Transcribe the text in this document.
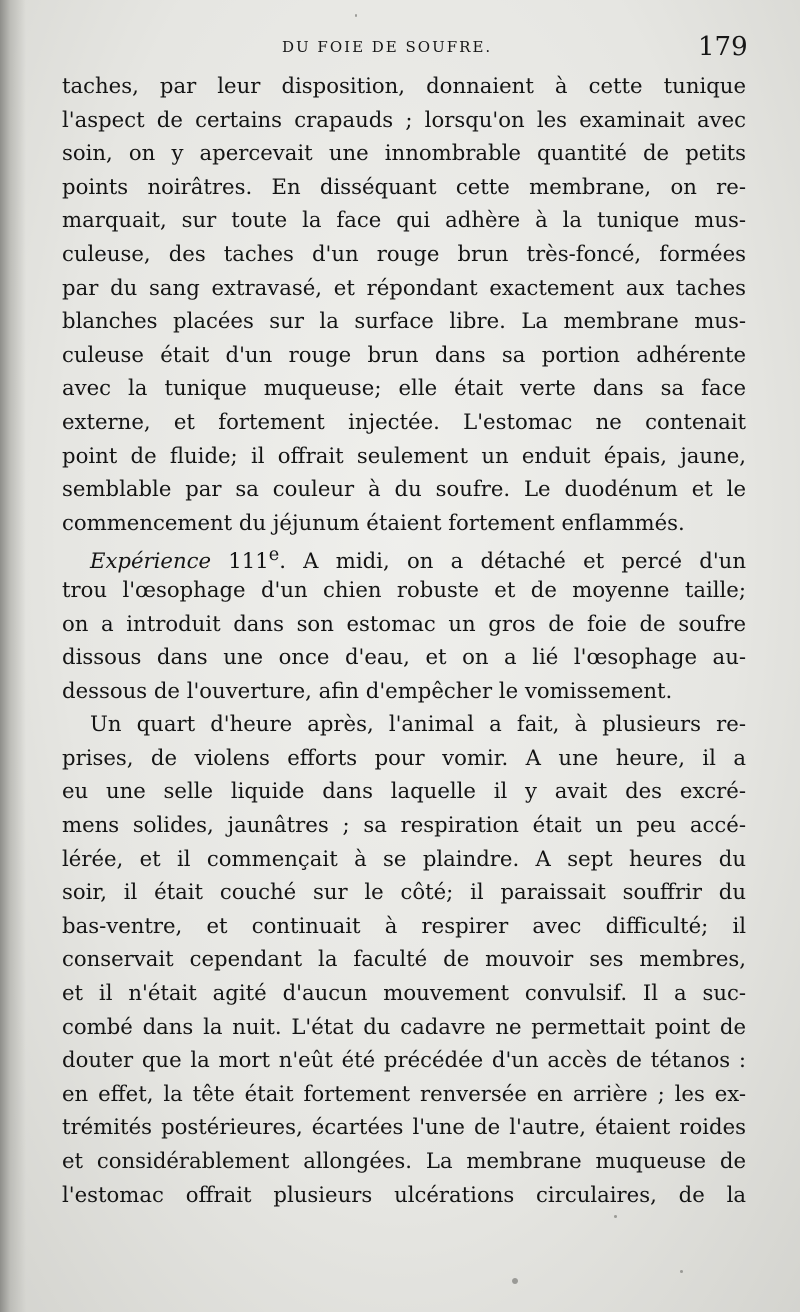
DU FOIE DE SOUFRE.	179
taches, par leur disposition, donnaient à cette tunique
l'aspect de certains crapauds ; lorsqu'on les examinait avec
soin, on y apercevait une innombrable quantité de petits
points noirâtres. En disséquant cette membrane, on re-
marquait, sur toute la face qui adhère à la tunique mus-
culeuse, des taches d'un rouge brun très-foncé, formées
par du sang extravasé, et répondant exactement aux taches
blanches placées sur la surface libre. La membrane mus-
culeuse était d'un rouge brun dans sa portion adhérente
avec la tunique muqueuse; elle était verte dans sa face
externe, et fortement injectée. L'estomac ne contenait
point de fluide; il offrait seulement un enduit épais, jaune,
semblable par sa couleur à du soufre. Le duodénum et le
commencement du jéjunum étaient fortement enflammés.
Expérience 111e. A midi, on a détaché et percé d'un
trou l'œsophage d'un chien robuste et de moyenne taille;
on a introduit dans son estomac un gros de foie de soufre
dissous dans une once d'eau, et on a lié l'œsophage au-
dessous de l'ouverture, afin d'empêcher le vomissement.
Un quart d'heure après, l'animal a fait, à plusieurs re-
prises, de violens efforts pour vomir. A une heure, il a
eu une selle liquide dans laquelle il y avait des excré-
mens solides, jaunâtres ; sa respiration était un peu accé-
lérée, et il commençait à se plaindre. A sept heures du
soir, il était couché sur le côté; il paraissait souffrir du
bas-ventre, et continuait à respirer avec difficulté; il
conservait cependant la faculté de mouvoir ses membres,
et il n'était agité d'aucun mouvement convulsif. Il a suc-
combé dans la nuit. L'état du cadavre ne permettait point de
douter que la mort n'eût été précédée d'un accès de tétanos :
en effet, la tête était fortement renversée en arrière ; les ex-
trémités postérieures, écartées l'une de l'autre, étaient roides
et considérablement allongées. La membrane muqueuse de
l'estomac offrait plusieurs ulcérations circulaires, de la
